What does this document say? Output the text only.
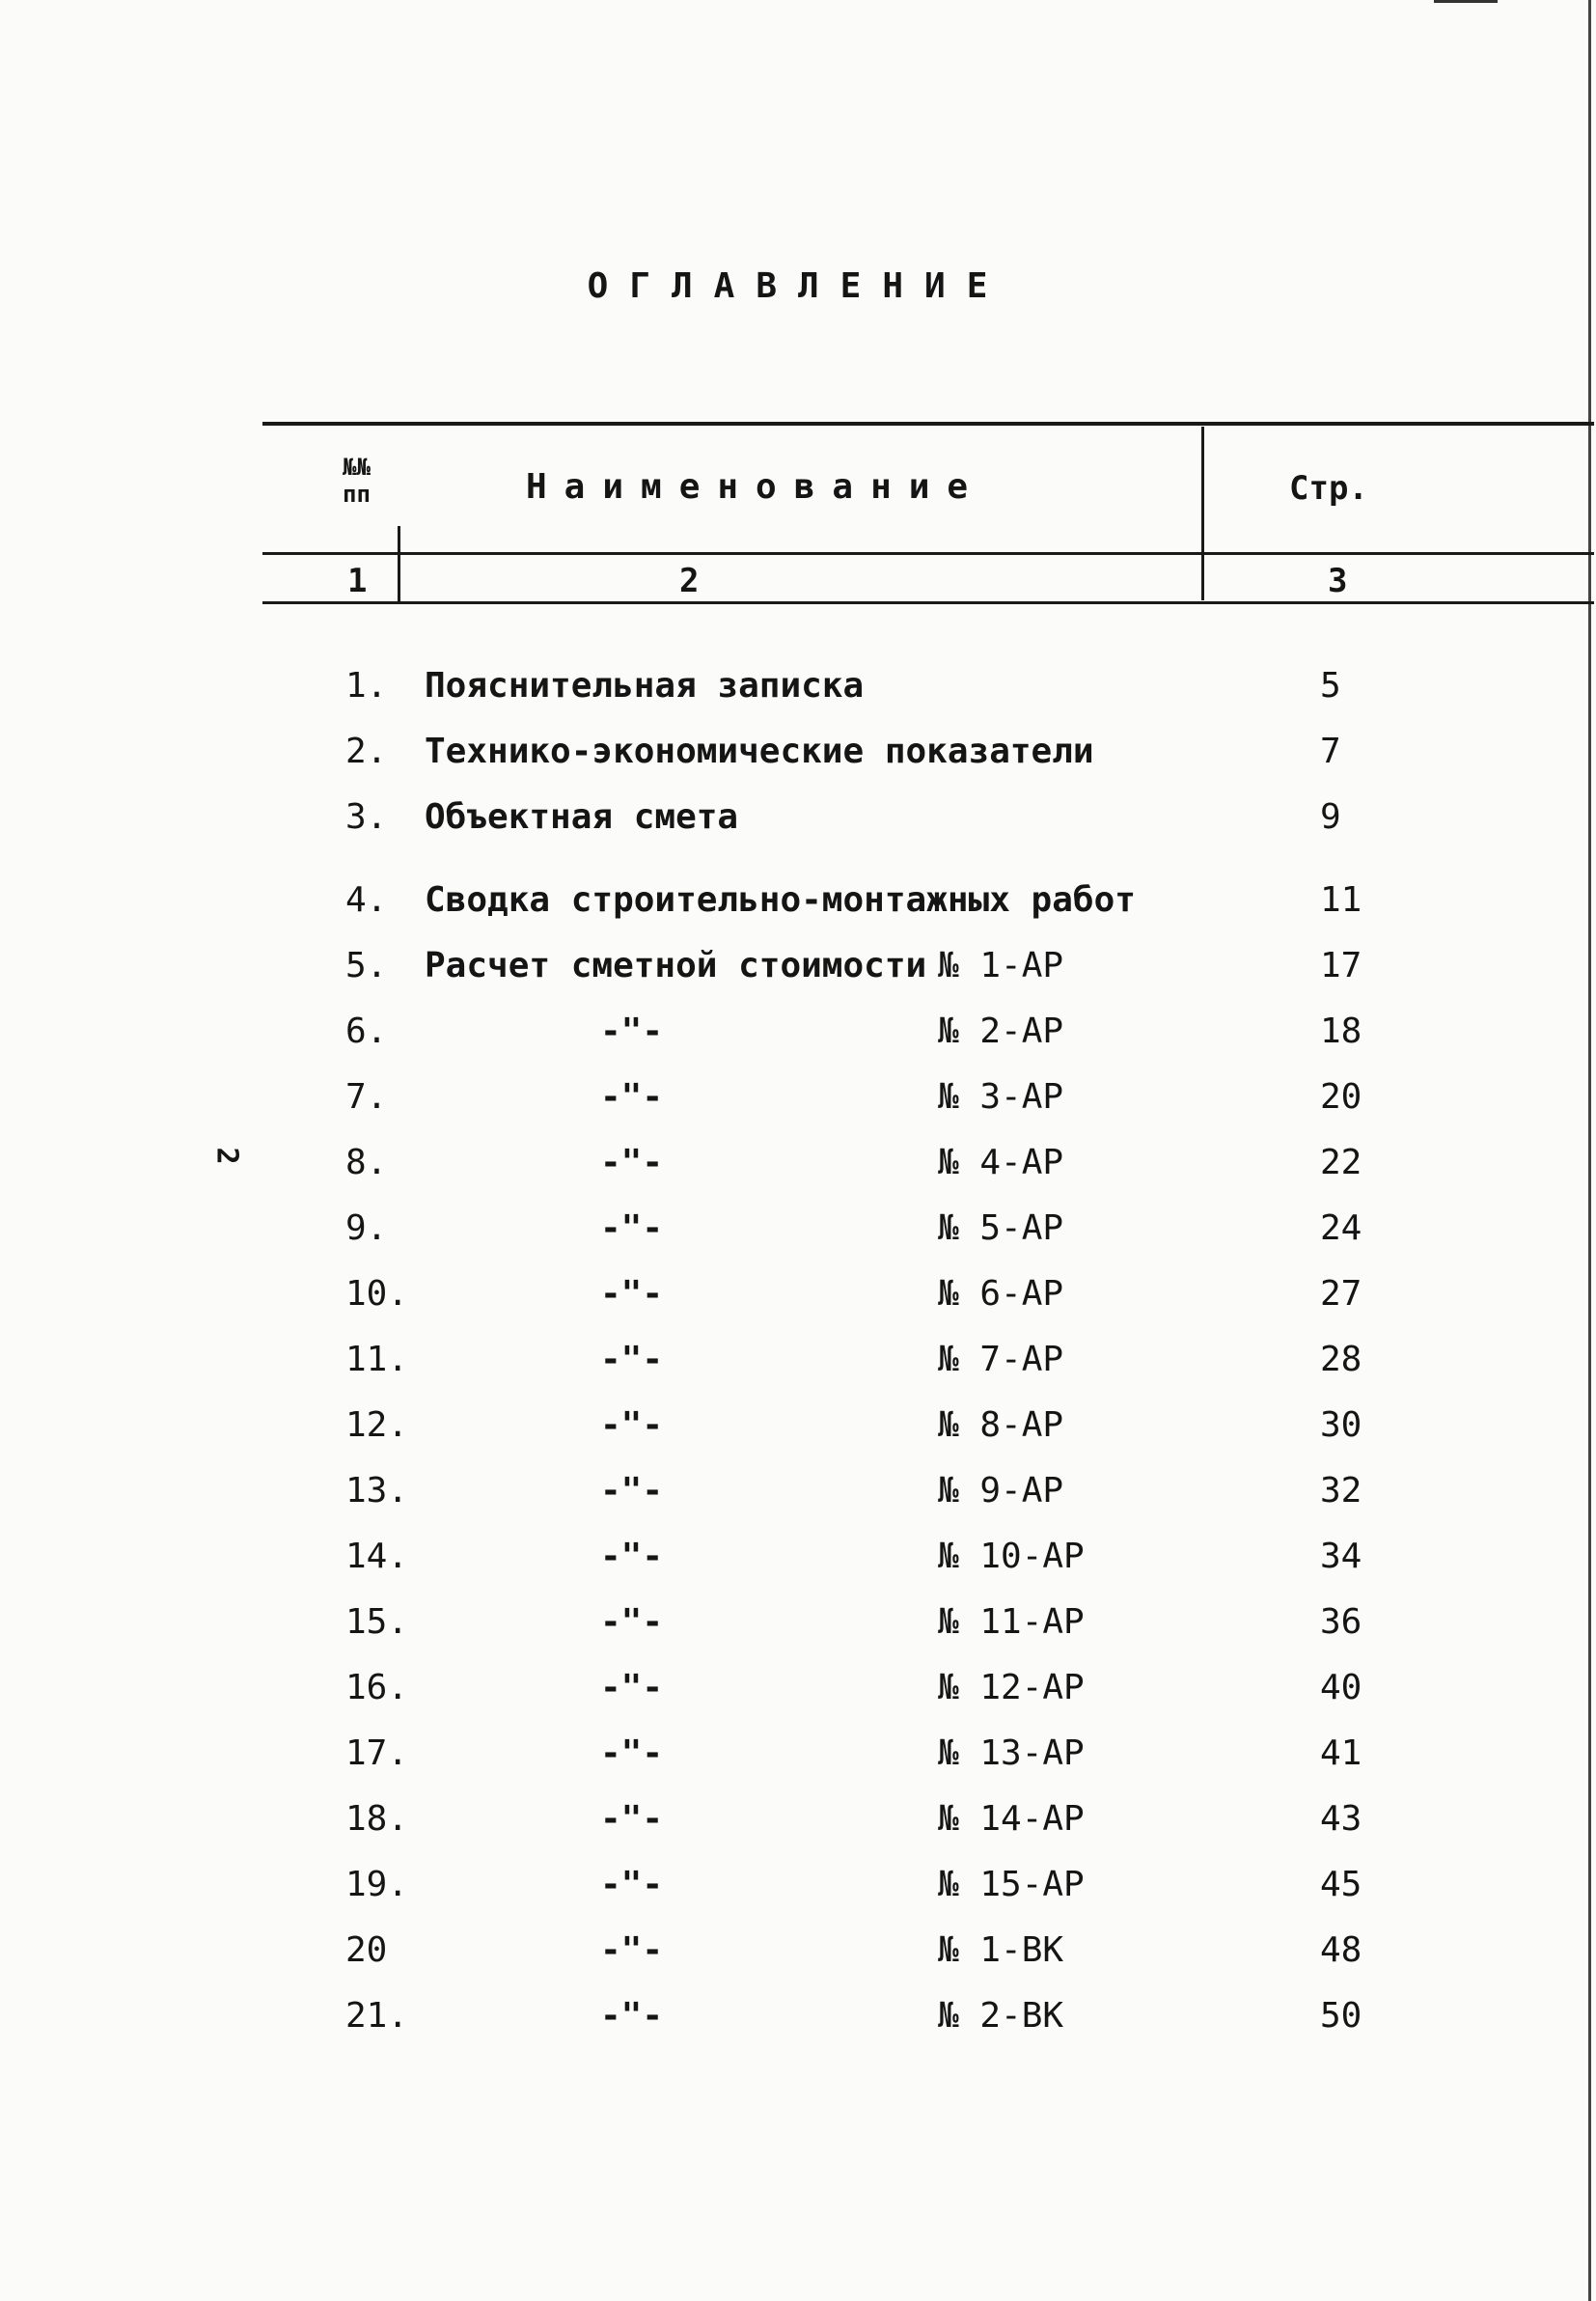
ОГЛАВЛЕНИЕ
№№
пп	Наименование	Стр.
1	2	3
2
1. Пояснительная записка	5
2. Технико-экономические показатели	7
3. Объектная смета	9
4. Сводка строительно-монтажных работ	11
5. Расчет сметной стоимости № 1-АР	17
6.	-"-	№ 2-АР	18
7.	-"-	№ 3-АР	20
8.	-"-	№ 4-АР	22
9.	-"-	№ 5-АР	24
10.	-"-	№ 6-АР	27
11.	-"-	№ 7-АР	28
12.	-"-	№ 8-АР	30
13.	-"-	№ 9-АР	32
14.	-"-	№ 10-АР	34
15.	-"-	№ 11-АР	36
16.	-"-	№ 12-АР	40
17.	-"-	№ 13-АР	41
18.	-"-	№ 14-АР	43
19.	-"-	№ 15-АР	45
20	-"-	№ 1-ВК	48
21.	-"-	№ 2-ВК	50
